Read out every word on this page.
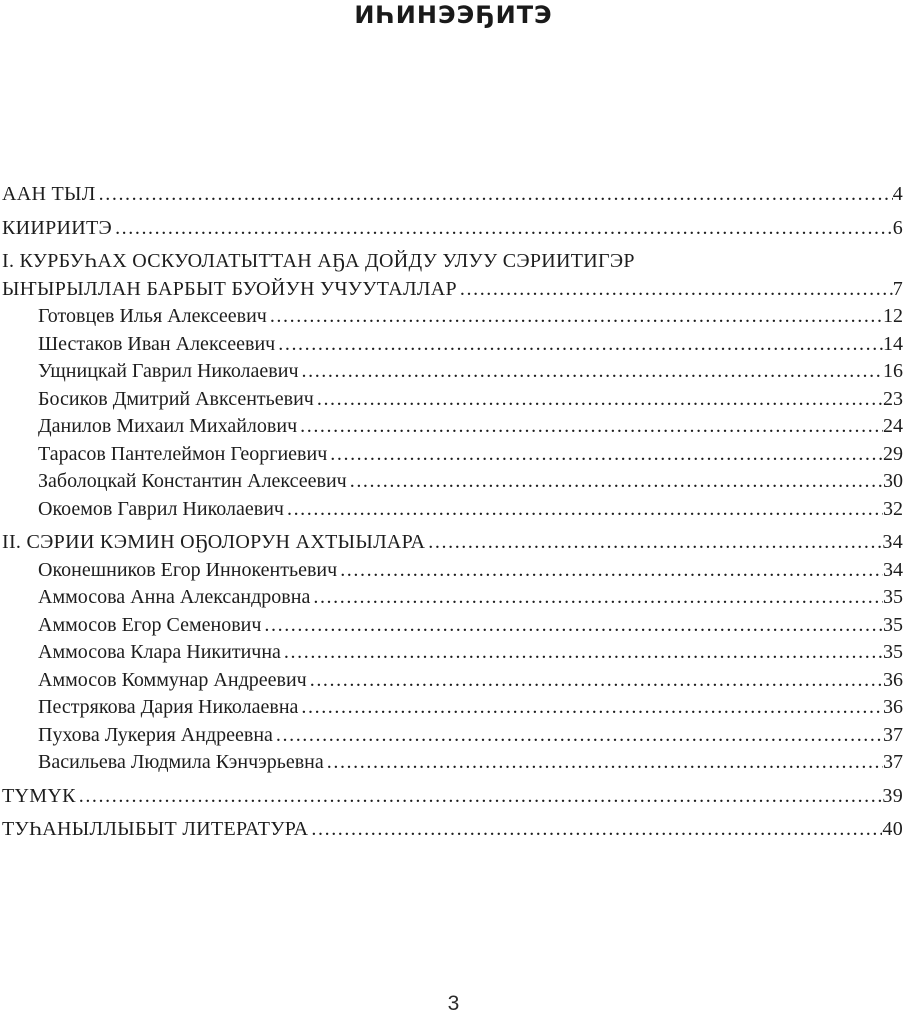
ИҺИНЭЭҔИТЭ
ААН ТЫЛ .....	4
КИИРИИТЭ .....	6
I. КУРБУҺАХ ОСКУОЛАТЫТТАН АҔА ДОЙДУ УЛУУ СЭРИИТИГЭР
ЫҤЫРЫЛЛАН БАРБЫТ БУОЙУН УЧУУТАЛЛАР .....	7
Готовцев Илья Алексеевич .....	12
Шестаков Иван Алексеевич .....	14
Ущницкай Гаврил Николаевич .....	16
Босиков Дмитрий Авксентьевич .....	23
Данилов Михаил Михайлович .....	24
Тарасов Пантелеймон Георгиевич .....	29
Заболоцкай Константин Алексеевич .....	30
Окоемов Гаврил Николаевич .....	32
II. СЭРИИ КЭМИН ОҔОЛОРУН АХТЫЫЛАРА .....	34
Оконешников Егор Иннокентьевич .....	34
Аммосова Анна Александровна .....	35
Аммосов Егор Семенович .....	35
Аммосова Клара Никитична .....	35
Аммосов Коммунар Андреевич .....	36
Пестрякова Дария Николаевна .....	36
Пухова Лукерия Андреевна .....	37
Васильева Людмила Кэнчэрьевна .....	37
ТҮМҮК .....	39
ТУҺАНЫЛЛЫБЫТ ЛИТЕРАТУРА .....	40
3
